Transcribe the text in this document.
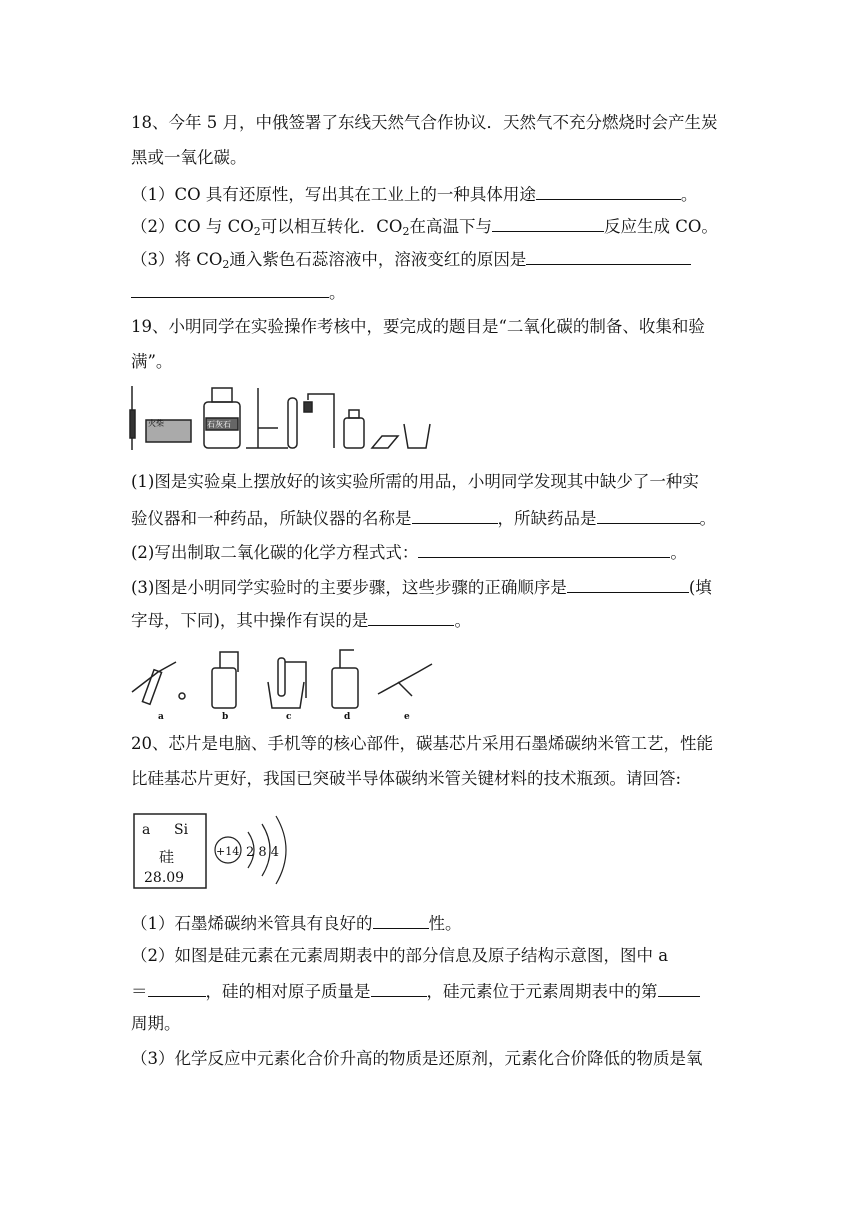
18、今年 5 月，中俄签署了东线天然气合作协议．天然气不充分燃烧时会产生炭
黑或一氧化碳。
（1）CO 具有还原性，写出其在工业上的一种具体用途	。
（2）CO 与 $CO_2$可以相互转化．$CO_2$在高温下与	反应生成 CO。
（3）将 $CO_2$通入紫色石蕊溶液中，溶液变红的原因是
。
19、小明同学在实验操作考核中，要完成的题目是“二氧化碳的制备、收集和验
满”。
火柴	石灰石
(1)图是实验桌上摆放好的该实验所需的用品，小明同学发现其中缺少了一种实
验仪器和一种药品，所缺仪器的名称是	，所缺药品是	。
(2)写出制取二氧化碳的化学方程式式：	。
(3)图是小明同学实验时的主要步骤，这些步骤的正确顺序是	(填
字母，下同)，其中操作有误的是	。
a	b	c	d	e
20、芯片是电脑、手机等的核心部件，碳基芯片采用石墨烯碳纳米管工艺，性能
比硅基芯片更好，我国已突破半导体碳纳米管关键材料的技术瓶颈。请回答:
a Si
硅
28.09
+14 2 8 4
（1）石墨烯碳纳米管具有良好的	性。
（2）如图是硅元素在元素周期表中的部分信息及原子结构示意图，图中 a
＝	，硅的相对原子质量是	，硅元素位于元素周期表中的第
周期。
（3）化学反应中元素化合价升高的物质是还原剂，元素化合价降低的物质是氧
